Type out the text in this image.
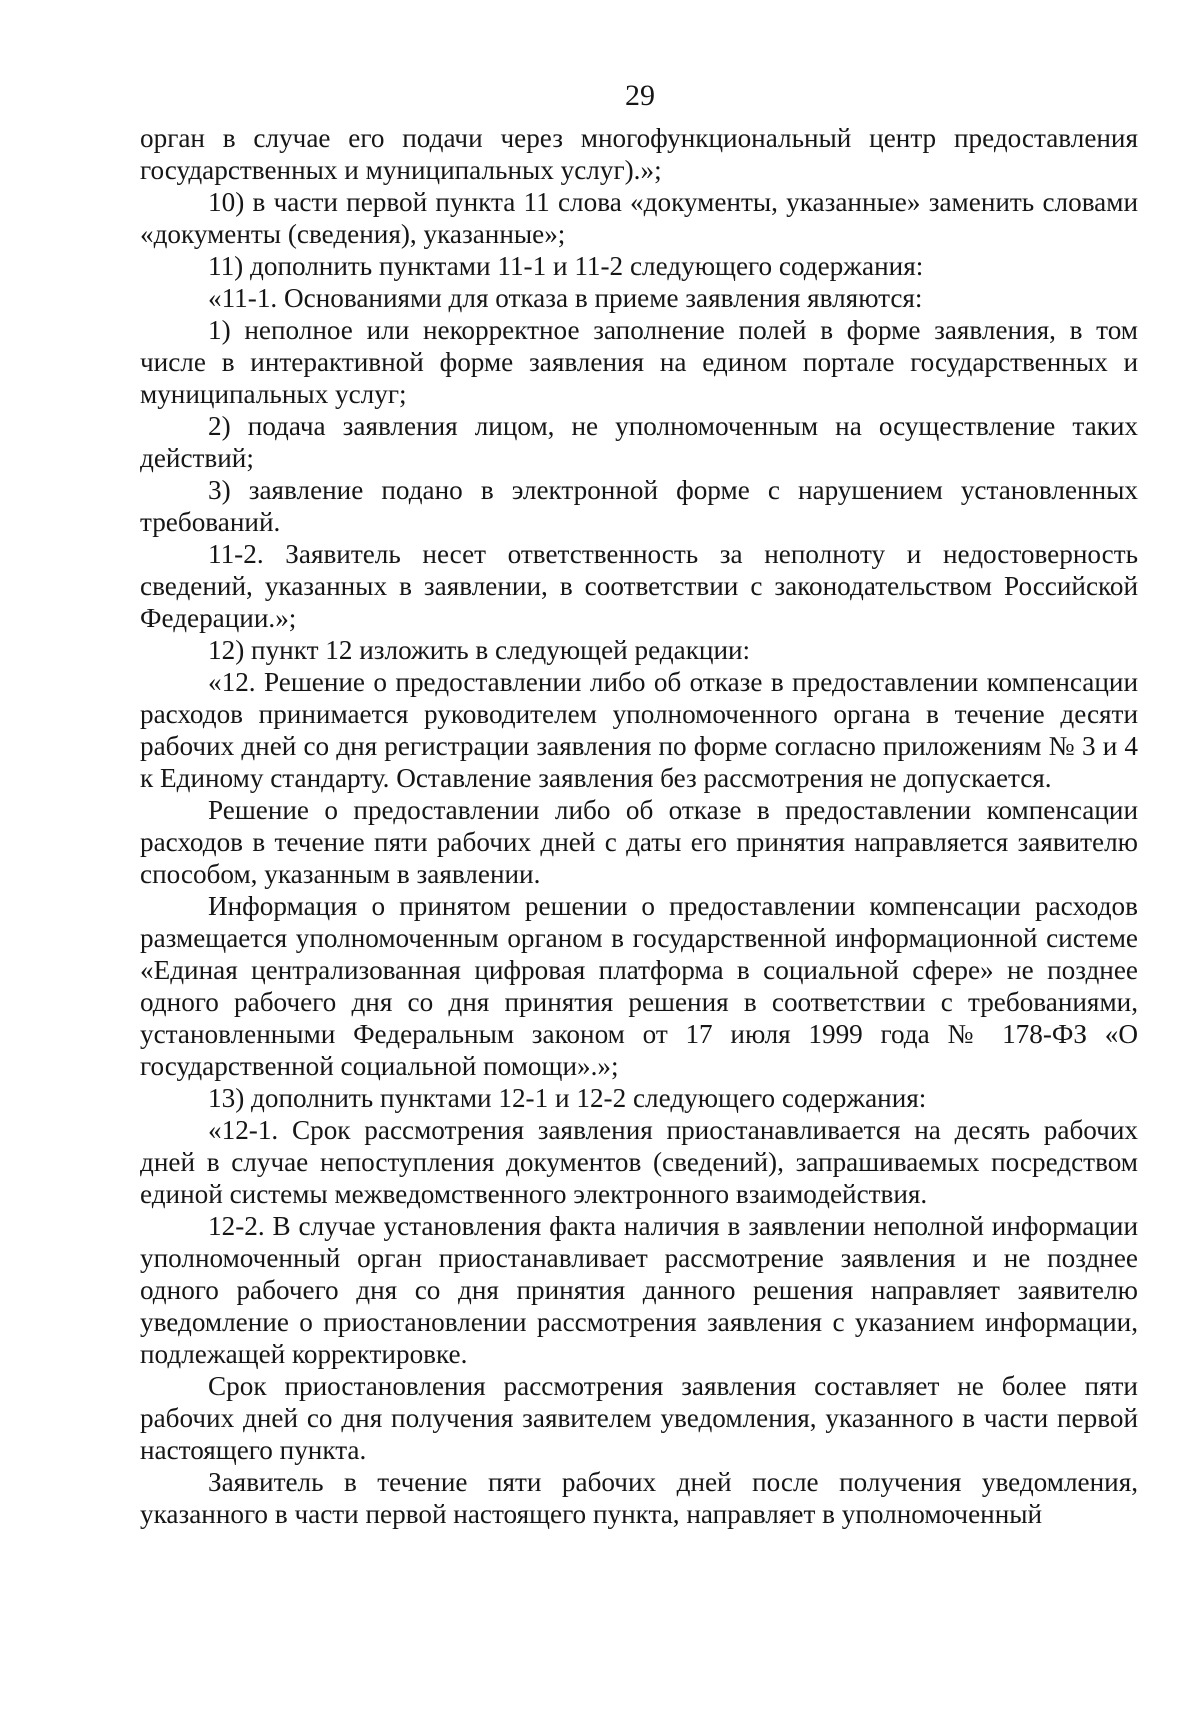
29

орган в случае его подачи через многофункциональный центр предоставления государственных и муниципальных услуг).»;

10) в части первой пункта 11 слова «документы, указанные» заменить словами «документы (сведения), указанные»;

11) дополнить пунктами 11-1 и 11-2 следующего содержания:

«11-1. Основаниями для отказа в приеме заявления являются:

1) неполное или некорректное заполнение полей в форме заявления, в том числе в интерактивной форме заявления на едином портале государственных и муниципальных услуг;

2) подача заявления лицом, не уполномоченным на осуществление таких действий;

3) заявление подано в электронной форме с нарушением установленных требований.

11-2. Заявитель несет ответственность за неполноту и недостоверность сведений, указанных в заявлении, в соответствии с законодательством Российской Федерации.»;

12) пункт 12 изложить в следующей редакции:

«12. Решение о предоставлении либо об отказе в предоставлении компенсации расходов принимается руководителем уполномоченного органа в течение десяти рабочих дней со дня регистрации заявления по форме согласно приложениям № 3 и 4 к Единому стандарту. Оставление заявления без рассмотрения не допускается.

Решение о предоставлении либо об отказе в предоставлении компенсации расходов в течение пяти рабочих дней с даты его принятия направляется заявителю способом, указанным в заявлении.

Информация о принятом решении о предоставлении компенсации расходов размещается уполномоченным органом в государственной информационной системе «Единая централизованная цифровая платформа в социальной сфере» не позднее одного рабочего дня со дня принятия решения в соответствии с требованиями, установленными Федеральным законом от 17 июля 1999 года № 178-ФЗ «О государственной социальной помощи».»;

13) дополнить пунктами 12-1 и 12-2 следующего содержания:

«12-1. Срок рассмотрения заявления приостанавливается на десять рабочих дней в случае непоступления документов (сведений), запрашиваемых посредством единой системы межведомственного электронного взаимодействия.

12-2. В случае установления факта наличия в заявлении неполной информации уполномоченный орган приостанавливает рассмотрение заявления и не позднее одного рабочего дня со дня принятия данного решения направляет заявителю уведомление о приостановлении рассмотрения заявления с указанием информации, подлежащей корректировке.

Срок приостановления рассмотрения заявления составляет не более пяти рабочих дней со дня получения заявителем уведомления, указанного в части первой настоящего пункта.

Заявитель в течение пяти рабочих дней после получения уведомления, указанного в части первой настоящего пункта, направляет в уполномоченный
